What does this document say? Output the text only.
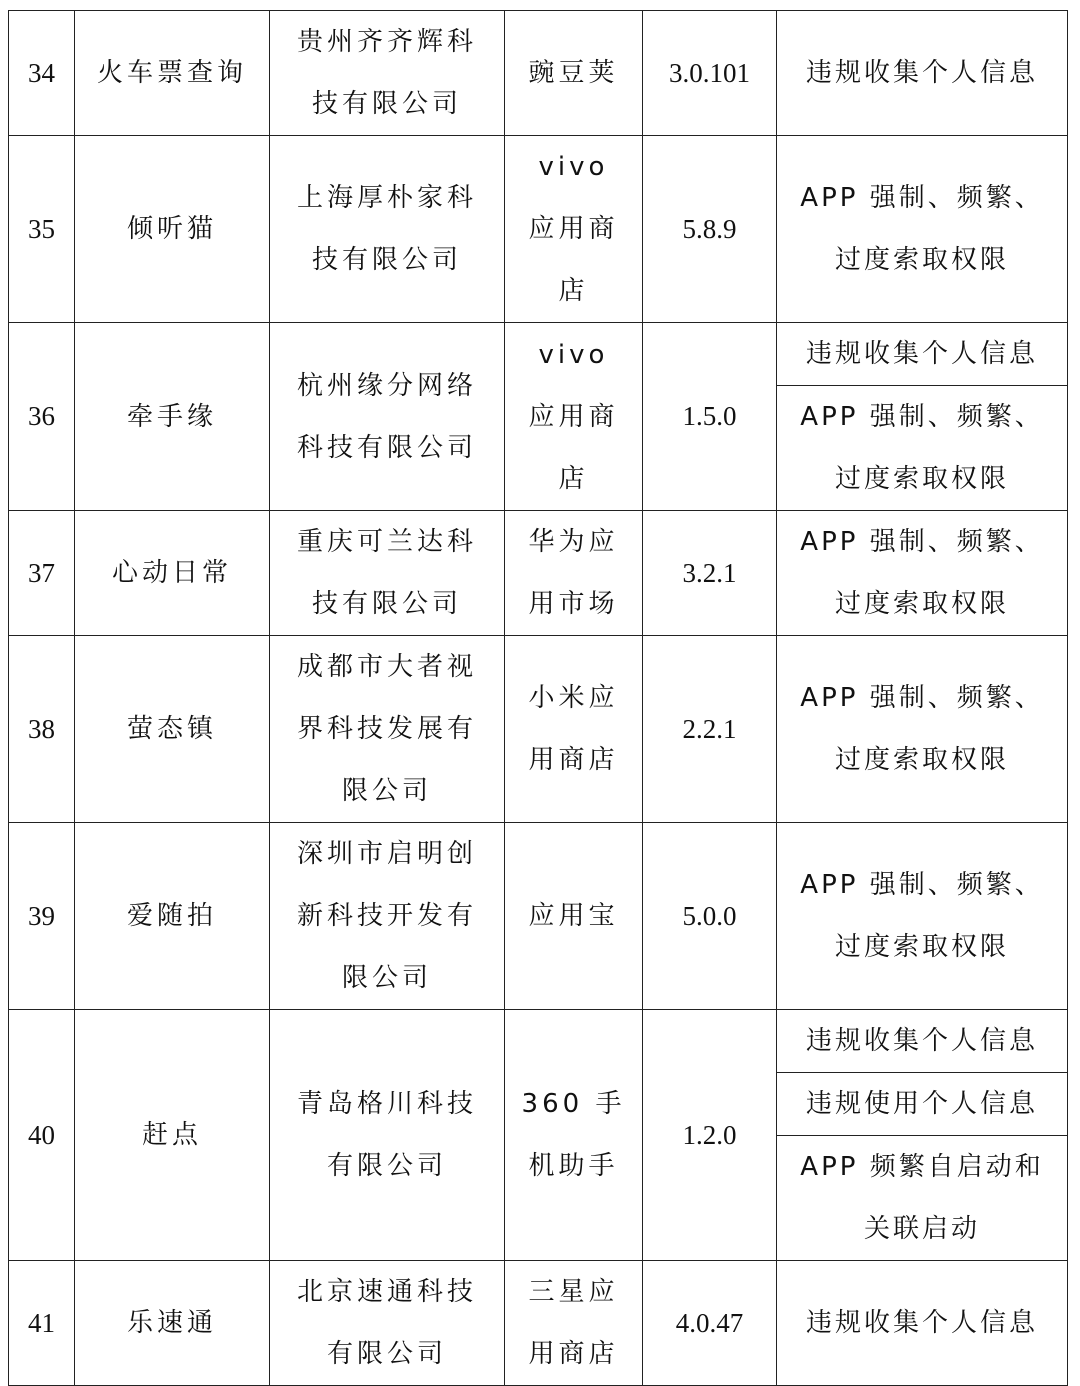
34	火车票查询	贵州齐齐辉科技有限公司	豌豆荚	3.0.101	违规收集个人信息

35	倾听猫	上海厚朴家科技有限公司	vivo 应用商店	5.8.9	APP 强制、频繁、过度索取权限

36	牵手缘	杭州缘分网络科技有限公司	vivo 应用商店	1.5.0	违规收集个人信息

					APP 强制、频繁、过度索取权限

37	心动日常	重庆可兰达科技有限公司	华为应用市场	3.2.1	APP 强制、频繁、过度索取权限

38	萤态镇	成都市大者视界科技发展有限公司	小米应用商店	2.2.1	APP 强制、频繁、过度索取权限

39	爱随拍	深圳市启明创新科技开发有限公司	应用宝	5.0.0	APP 强制、频繁、过度索取权限

40	赶点	青岛格川科技有限公司	360 手机助手	1.2.0	违规收集个人信息

					违规使用个人信息

					APP 频繁自启动和关联启动

41	乐速通	北京速通科技有限公司	三星应用商店	4.0.47	违规收集个人信息
